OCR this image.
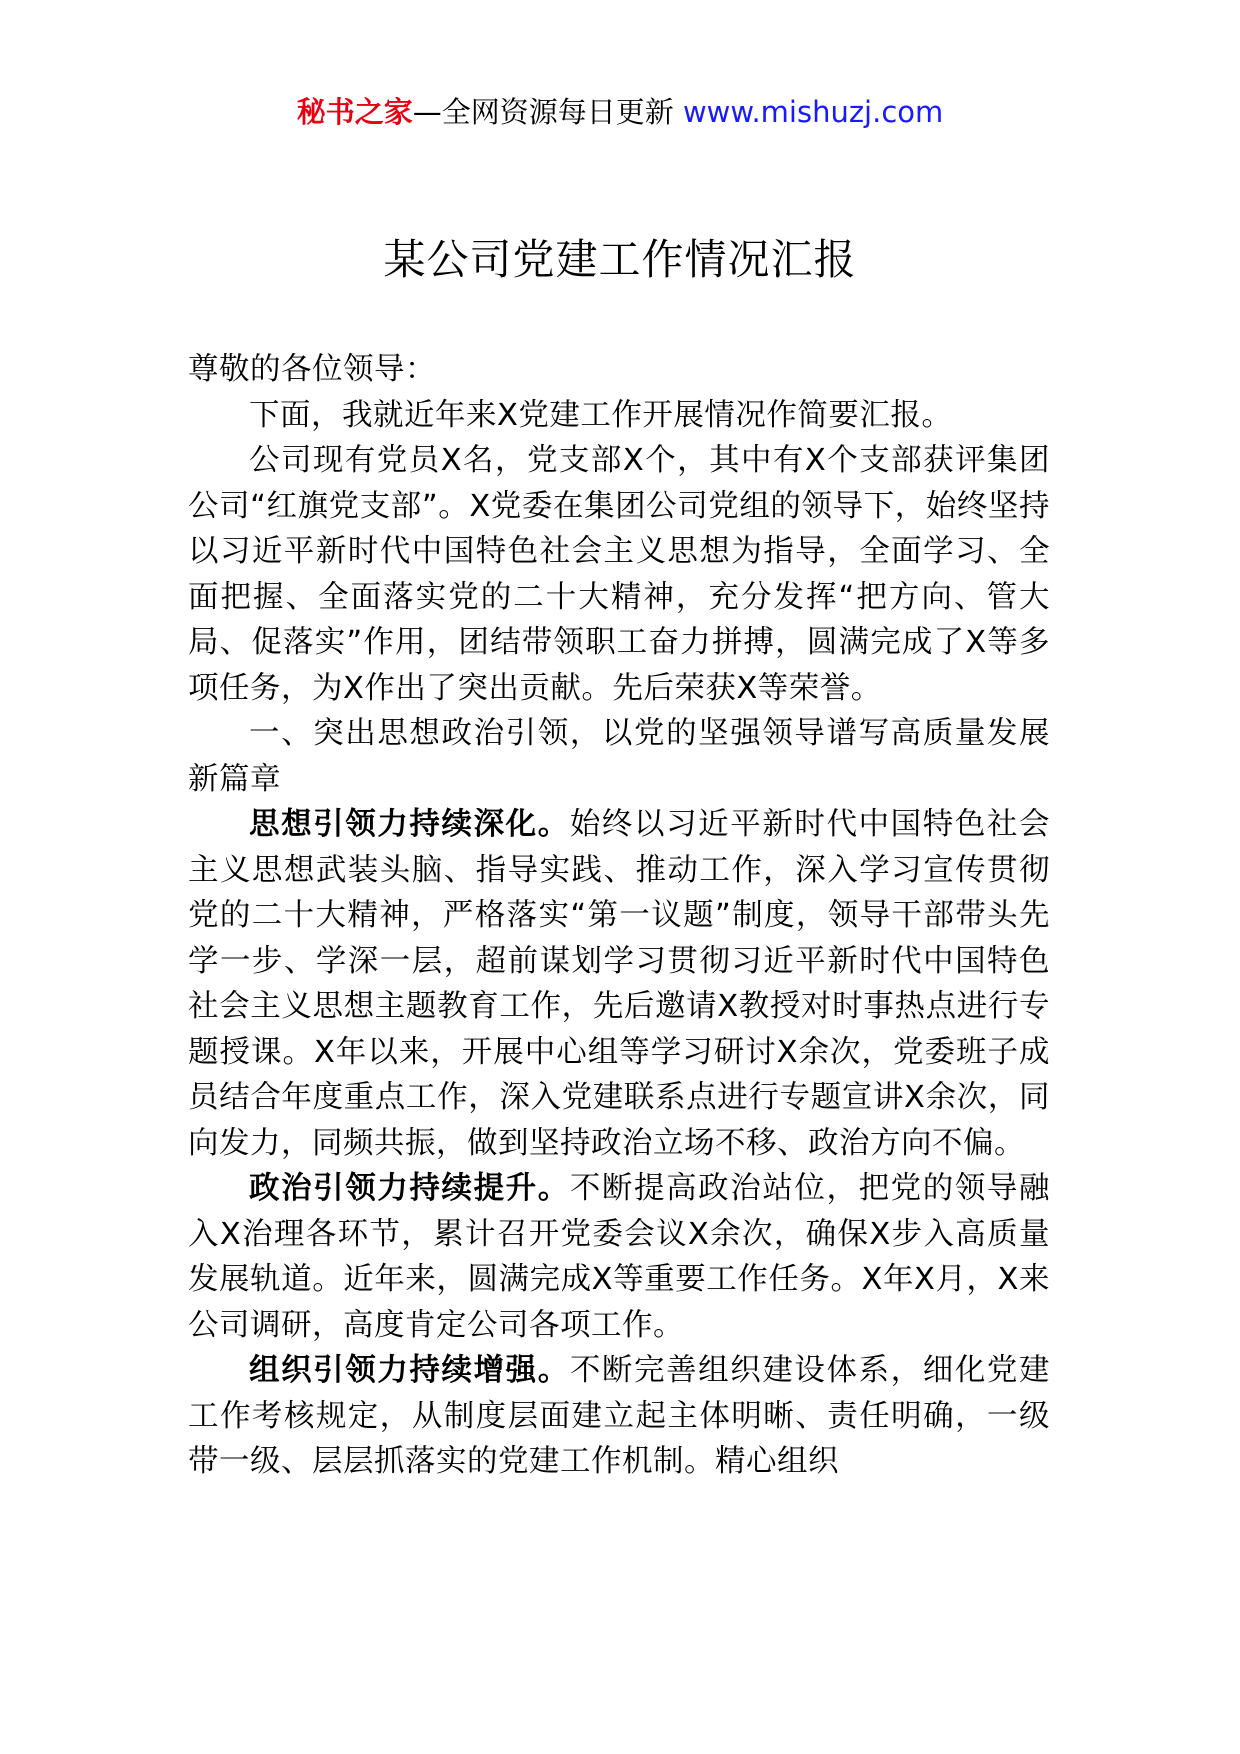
秘书之家—全网资源每日更新 www.mishuzj.com
某公司党建工作情况汇报

尊敬的各位领导：

下面，我就近年来X党建工作开展情况作简要汇报。

公司现有党员X名，党支部X个，其中有X个支部获评集团公司“红旗党支部”。X党委在集团公司党组的领导下，始终坚持以习近平新时代中国特色社会主义思想为指导，全面学习、全面把握、全面落实党的二十大精神，充分发挥“把方向、管大局、促落实”作用，团结带领职工奋力拼搏，圆满完成了X等多项任务，为X作出了突出贡献。先后荣获X等荣誉。

一、突出思想政治引领，以党的坚强领导谱写高质量发展新篇章

思想引领力持续深化。始终以习近平新时代中国特色社会主义思想武装头脑、指导实践、推动工作，深入学习宣传贯彻党的二十大精神，严格落实“第一议题”制度，领导干部带头先学一步、学深一层，超前谋划学习贯彻习近平新时代中国特色社会主义思想主题教育工作，先后邀请X教授对时事热点进行专题授课。X年以来，开展中心组等学习研讨X余次，党委班子成员结合年度重点工作，深入党建联系点进行专题宣讲X余次，同向发力，同频共振，做到坚持政治立场不移、政治方向不偏。

政治引领力持续提升。不断提高政治站位，把党的领导融入X治理各环节，累计召开党委会议X余次，确保X步入高质量发展轨道。近年来，圆满完成X等重要工作任务。X年X月，X来公司调研，高度肯定公司各项工作。

组织引领力持续增强。不断完善组织建设体系，细化党建工作考核规定，从制度层面建立起主体明晰、责任明确，一级带一级、层层抓落实的党建工作机制。精心组织
